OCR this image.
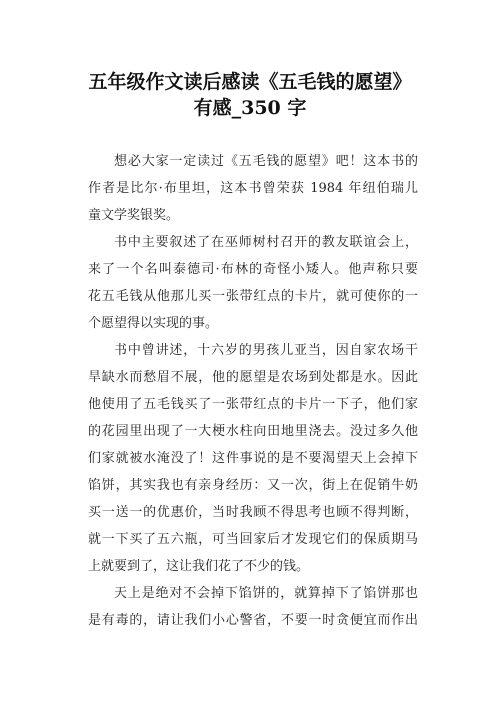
五年级作文读后感读《五毛钱的愿望》
有感_350 字
想必大家一定读过《五毛钱的愿望》吧！这本书的
作者是比尔·布里坦，这本书曾荣获 1984 年纽伯瑞儿
童文学奖银奖。
书中主要叙述了在巫师树村召开的教友联谊会上，
来了一个名叫泰德司·布林的奇怪小矮人。他声称只要
花五毛钱从他那儿买一张带红点的卡片，就可使你的一
个愿望得以实现的事。
书中曾讲述，十六岁的男孩儿亚当，因自家农场干
旱缺水而愁眉不展，他的愿望是农场到处都是水。因此
他使用了五毛钱买了一张带红点的卡片一下子，他们家
的花园里出现了一大梗水柱向田地里浇去。没过多久他
们家就被水淹没了！这件事说的是不要渴望天上会掉下
馅饼，其实我也有亲身经历：又一次，街上在促销牛奶
买一送一的优惠价，当时我顾不得思考也顾不得判断，
就一下买了五六瓶，可当回家后才发现它们的保质期马
上就要到了，这让我们花了不少的钱。
天上是绝对不会掉下馅饼的，就算掉下了馅饼那也
是有毒的，请让我们小心警省，不要一时贪便宜而作出
